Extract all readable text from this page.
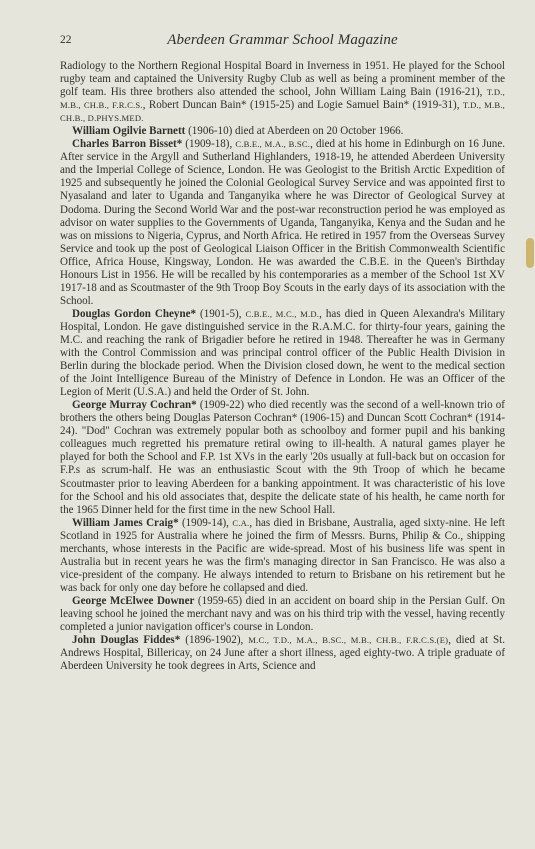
22	Aberdeen Grammar School Magazine

Radiology to the Northern Regional Hospital Board in Inverness in 1951. He played for the School rugby team and captained the University Rugby Club as well as being a prominent member of the golf team. His three brothers also attended the school, John William Laing Bain (1916-21), T.D., M.B., CH.B., F.R.C.S., Robert Duncan Bain* (1915-25) and Logie Samuel Bain* (1919-31), T.D., M.B., CH.B., D.PHYS.MED.

William Ogilvie Barnett (1906-10) died at Aberdeen on 20 October 1966.

Charles Barron Bisset* (1909-18), C.B.E., M.A., B.SC., died at his home in Edinburgh on 16 June. After service in the Argyll and Sutherland Highlanders, 1918-19, he attended Aberdeen University and the Imperial College of Science, London. He was Geologist to the British Arctic Expedition of 1925 and subsequently he joined the Colonial Geological Survey Service and was appointed first to Nyasaland and later to Uganda and Tanganyika where he was Director of Geological Survey at Dodoma. During the Second World War and the post-war reconstruction period he was employed as advisor on water supplies to the Governments of Uganda, Tanganyika, Kenya and the Sudan and he was on missions to Nigeria, Cyprus, and North Africa. He retired in 1957 from the Overseas Survey Service and took up the post of Geological Liaison Officer in the British Commonwealth Scientific Office, Africa House, Kingsway, London. He was awarded the C.B.E. in the Queen's Birthday Honours List in 1956. He will be recalled by his contemporaries as a member of the School 1st XV 1917-18 and as Scoutmaster of the 9th Troop Boy Scouts in the early days of its association with the School.

Douglas Gordon Cheyne* (1901-5), C.B.E., M.C., M.D., has died in Queen Alexandra's Military Hospital, London. He gave distinguished service in the R.A.M.C. for thirty-four years, gaining the M.C. and reaching the rank of Brigadier before he retired in 1948. Thereafter he was in Germany with the Control Commission and was principal control officer of the Public Health Division in Berlin during the blockade period. When the Division closed down, he went to the medical section of the Joint Intelligence Bureau of the Ministry of Defence in London. He was an Officer of the Legion of Merit (U.S.A.) and held the Order of St. John.

George Murray Cochran* (1909-22) who died recently was the second of a well-known trio of brothers the others being Douglas Paterson Cochran* (1906-15) and Duncan Scott Cochran* (1914-24). "Dod" Cochran was extremely popular both as schoolboy and former pupil and his banking colleagues much regretted his premature retiral owing to ill-health. A natural games player he played for both the School and F.P. 1st XVs in the early '20s usually at full-back but on occasion for F.P.s as scrum-half. He was an enthusiastic Scout with the 9th Troop of which he became Scoutmaster prior to leaving Aberdeen for a banking appointment. It was characteristic of his love for the School and his old associates that, despite the delicate state of his health, he came north for the 1965 Dinner held for the first time in the new School Hall.

William James Craig* (1909-14), C.A., has died in Brisbane, Australia, aged sixty-nine. He left Scotland in 1925 for Australia where he joined the firm of Messrs. Burns, Philip & Co., shipping merchants, whose interests in the Pacific are wide-spread. Most of his business life was spent in Australia but in recent years he was the firm's managing director in San Francisco. He was also a vice-president of the company. He always intended to return to Brisbane on his retirement but he was back for only one day before he collapsed and died.

George McElwee Downer (1959-65) died in an accident on board ship in the Persian Gulf. On leaving school he joined the merchant navy and was on his third trip with the vessel, having recently completed a junior navigation officer's course in London.

John Douglas Fiddes* (1896-1902), M.C., T.D., M.A., B.SC., M.B., CH.B., F.R.C.S.(E), died at St. Andrews Hospital, Billericay, on 24 June after a short illness, aged eighty-two. A triple graduate of Aberdeen University he took degrees in Arts, Science and
